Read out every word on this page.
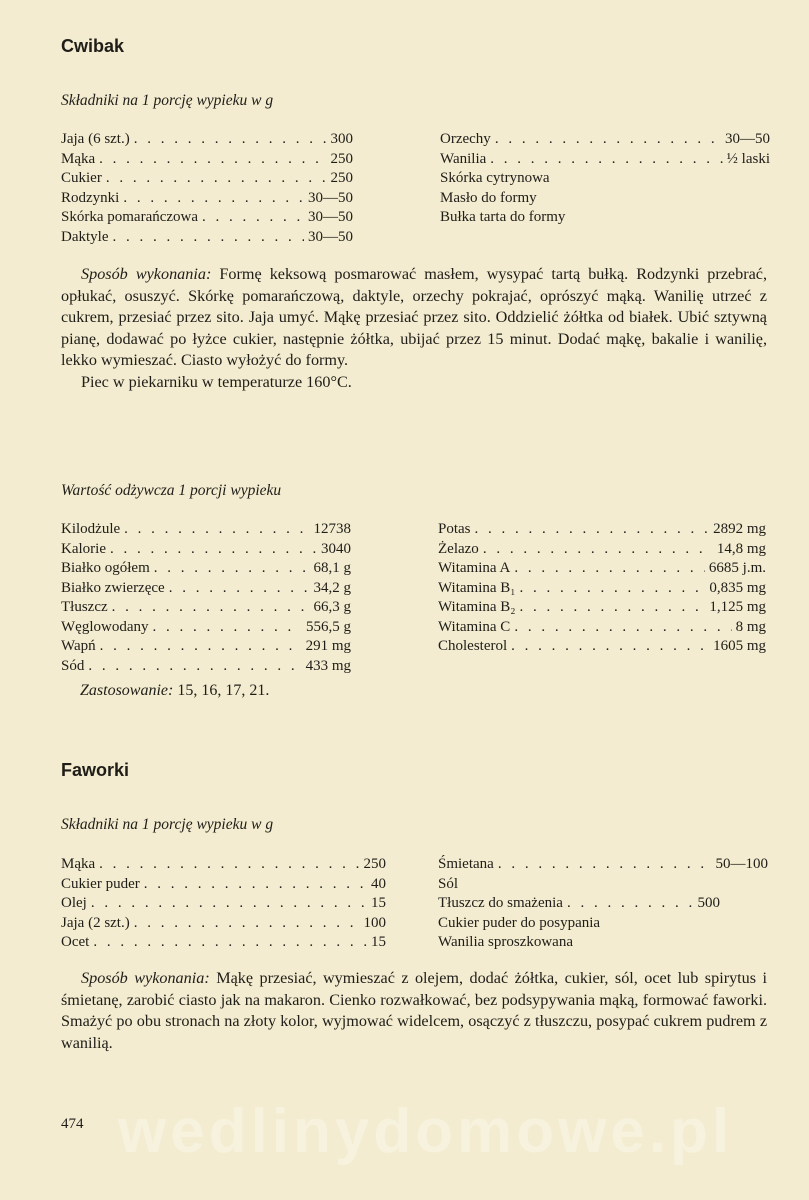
Cwibak

Składniki na 1 porcję wypieku w g

Jaja (6 szt.) . . .	300
Mąka . . .	250
Cukier . . .	250
Rodzynki . . .	30—50
Skórka pomarańczowa . . .	30—50
Daktyle . . .	30—50
Orzechy . . .	30—50
Wanilia . . .	½ laski
Skórka cytrynowa
Masło do formy
Bułka tarta do formy

Sposób wykonania: Formę keksową posmarować masłem, wysypać tartą bułką. Rodzynki przebrać, opłukać, osuszyć. Skórkę pomarańczową, daktyle, orzechy pokrajać, oprószyć mąką. Wanilię utrzeć z cukrem, przesiać przez sito. Jaja umyć. Mąkę przesiać przez sito. Oddzielić żółtka od białek. Ubić sztywną pianę, dodawać po łyżce cukier, następnie żółtka, ubijać przez 15 minut. Dodać mąkę, bakalie i wanilię, lekko wymieszać. Ciasto wyłożyć do formy.

Piec w piekarniku w temperaturze 160°C.

Wartość odżywcza 1 porcji wypieku

Kilodżule . . .	12738
Kalorie . . .	3040
Białko ogółem . . .	68,1 g
Białko zwierzęce . . .	34,2 g
Tłuszcz . . .	66,3 g
Węglowodany . . .	556,5 g
Wapń . . .	291 mg
Sód . . .	433 mg
Potas . . .	2892 mg
Żelazo . . .	14,8 mg
Witamina A . . .	6685 j.m.
Witamina B₁ . . .	0,835 mg
Witamina B₂ . . .	1,125 mg
Witamina C . . .	8 mg
Cholesterol . . .	1605 mg

Zastosowanie: 15, 16, 17, 21.

Faworki

Składniki na 1 porcję wypieku w g

Mąka . . .	250
Cukier puder . . .	40
Olej . . .	15
Jaja (2 szt.) . . .	100
Ocet . . .	15
Śmietana . . .	50—100
Sól
Tłuszcz do smażenia . . .	500
Cukier puder do posypania
Wanilia sproszkowana

Sposób wykonania: Mąkę przesiać, wymieszać z olejem, dodać żółtka, cukier, sól, ocet lub spirytus i śmietanę, zarobić ciasto jak na makaron. Cienko rozwałkować, bez podsypywania mąką, formować faworki. Smażyć po obu stronach na złoty kolor, wyjmować widelcem, osączyć z tłuszczu, posypać cukrem pudrem z wanilią.

474 wedlinydomowe.pl
